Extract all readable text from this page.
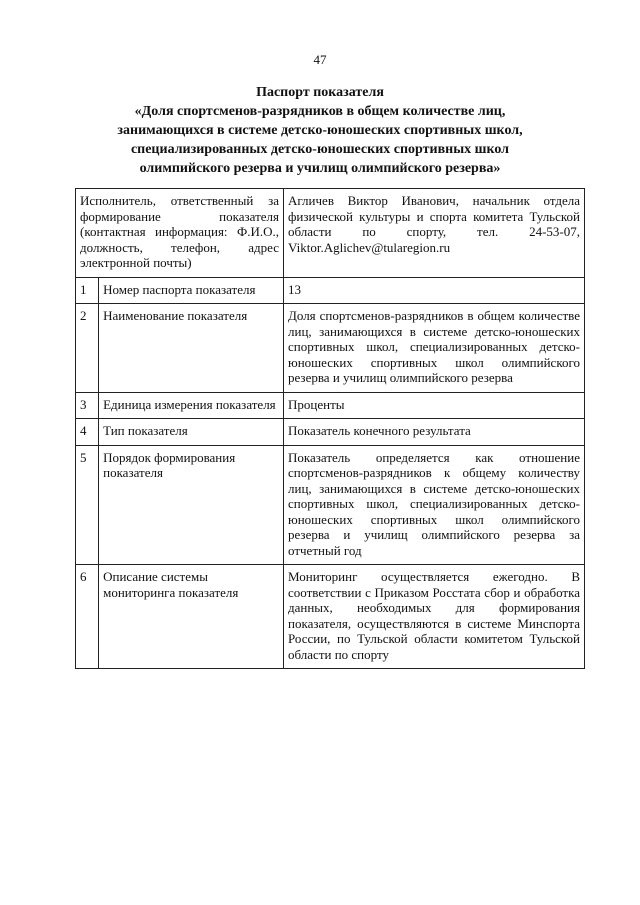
47
Паспорт показателя
«Доля спортсменов-разрядников в общем количестве лиц,
занимающихся в системе детско-юношеских спортивных школ,
специализированных детско-юношеских спортивных школ
олимпийского резерва и училищ олимпийского резерва»
Исполнитель, ответственный за формирование показателя (контактная информация: Ф.И.О., должность, телефон, адрес электронной почты)		Агличев Виктор Иванович, начальник отдела физической культуры и спорта комитета Тульской области по спорту, тел. 24-53-07, Viktor.Aglichev@tularegion.ru
1	Номер паспорта показателя	13
2	Наименование показателя	Доля спортсменов-разрядников в общем количестве лиц, занимающихся в системе детско-юношеских спортивных школ, специализированных детско-юношеских спортивных школ олимпийского резерва и училищ олимпийского резерва
3	Единица измерения показателя	Проценты
4	Тип показателя	Показатель конечного результата
5	Порядок формирования показателя	Показатель определяется как отношение спортсменов-разрядников к общему количеству лиц, занимающихся в системе детско-юношеских спортивных школ, специализированных детско-юношеских спортивных школ олимпийского резерва и училищ олимпийского резерва за отчетный год
6	Описание системы мониторинга показателя	Мониторинг осуществляется ежегодно. В соответствии с Приказом Росстата сбор и обработка данных, необходимых для формирования показателя, осуществляются в системе Минспорта России, по Тульской области комитетом Тульской области по спорту
